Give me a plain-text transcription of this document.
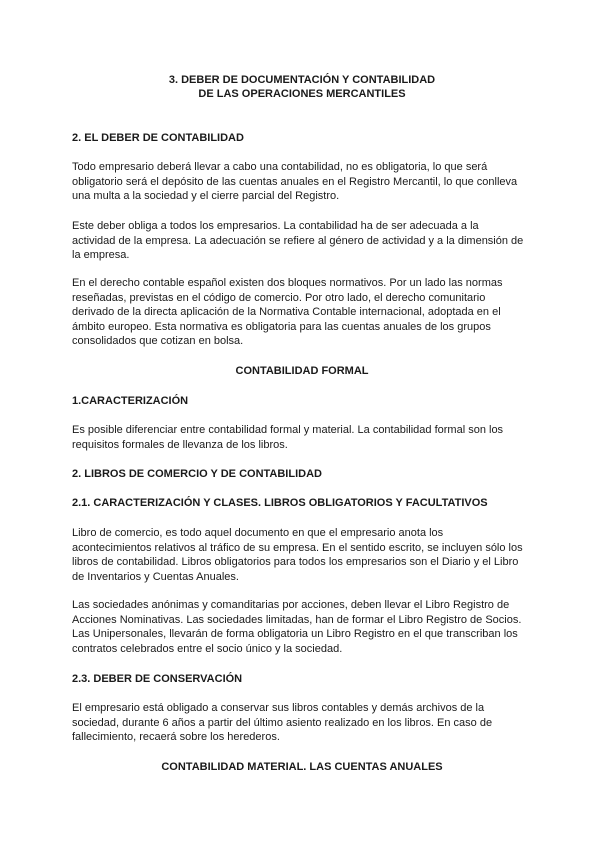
3. DEBER DE DOCUMENTACIÓN Y CONTABILIDAD
DE LAS OPERACIONES MERCANTILES
2. EL DEBER DE CONTABILIDAD

Todo empresario deberá llevar a cabo una contabilidad, no es obligatoria, lo que será
obligatorio será el depósito de las cuentas anuales en el Registro Mercantil, lo que conlleva
una multa a la sociedad y el cierre parcial del Registro.

Este deber obliga a todos los empresarios. La contabilidad ha de ser adecuada a la
actividad de la empresa. La adecuación se refiere al género de actividad y a la dimensión de
la empresa.

En el derecho contable español existen dos bloques normativos. Por un lado las normas
reseñadas, previstas en el código de comercio. Por otro lado, el derecho comunitario
derivado de la directa aplicación de la Normativa Contable internacional, adoptada en el
ámbito europeo. Esta normativa es obligatoria para las cuentas anuales de los grupos
consolidados que cotizan en bolsa.

CONTABILIDAD FORMAL
1.CARACTERIZACIÓN

Es posible diferenciar entre contabilidad formal y material. La contabilidad formal son los
requisitos formales de llevanza de los libros.

2. LIBROS DE COMERCIO Y DE CONTABILIDAD
2.1. CARACTERIZACIÓN Y CLASES. LIBROS OBLIGATORIOS Y FACULTATIVOS

Libro de comercio, es todo aquel documento en que el empresario anota los
acontecimientos relativos al tráfico de su empresa. En el sentido escrito, se incluyen sólo los
libros de contabilidad. Libros obligatorios para todos los empresarios son el Diario y el Libro
de Inventarios y Cuentas Anuales.

Las sociedades anónimas y comanditarias por acciones, deben llevar el Libro Registro de
Acciones Nominativas. Las sociedades limitadas, han de formar el Libro Registro de Socios.
Las Unipersonales, llevarán de forma obligatoria un Libro Registro en el que transcriban los
contratos celebrados entre el socio único y la sociedad.

2.3. DEBER DE CONSERVACIÓN

El empresario está obligado a conservar sus libros contables y demás archivos de la
sociedad, durante 6 años a partir del último asiento realizado en los libros. En caso de
fallecimiento, recaerá sobre los herederos.

CONTABILIDAD MATERIAL. LAS CUENTAS ANUALES
